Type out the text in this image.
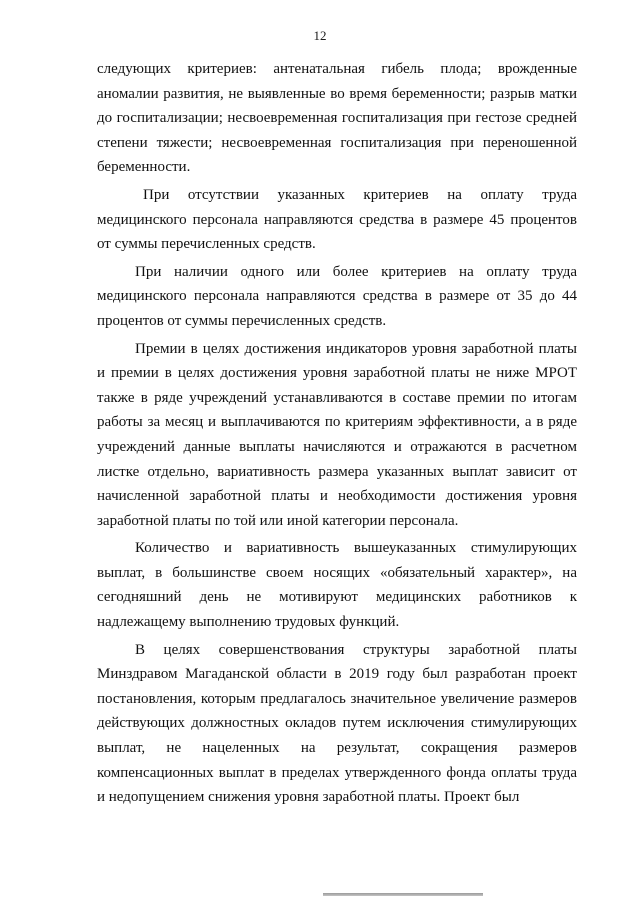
12

следующих критериев: антенатальная гибель плода; врожденные аномалии развития, не выявленные во время беременности; разрыв матки до госпитализации; несвоевременная госпитализация при гестозе средней степени тяжести; несвоевременная госпитализация при переношенной беременности.

При отсутствии указанных критериев на оплату труда медицинского персонала направляются средства в размере 45 процентов от суммы перечисленных средств.

При наличии одного или более критериев на оплату труда медицинского персонала направляются средства в размере от 35 до 44 процентов от суммы перечисленных средств.

Премии в целях достижения индикаторов уровня заработной платы и премии в целях достижения уровня заработной платы не ниже МРОТ также в ряде учреждений устанавливаются в составе премии по итогам работы за месяц и выплачиваются по критериям эффективности, а в ряде учреждений данные выплаты начисляются и отражаются в расчетном листке отдельно, вариативность размера указанных выплат зависит от начисленной заработной платы и необходимости достижения уровня заработной платы по той или иной категории персонала.

Количество и вариативность вышеуказанных стимулирующих выплат, в большинстве своем носящих «обязательный характер», на сегодняшний день не мотивируют медицинских работников к надлежащему выполнению трудовых функций.

В целях совершенствования структуры заработной платы Минздравом Магаданской области в 2019 году был разработан проект постановления, которым предлагалось значительное увеличение размеров действующих должностных окладов путем исключения стимулирующих выплат, не нацеленных на результат, сокращения размеров компенсационных выплат в пределах утвержденного фонда оплаты труда и недопущением снижения уровня заработной платы. Проект был
